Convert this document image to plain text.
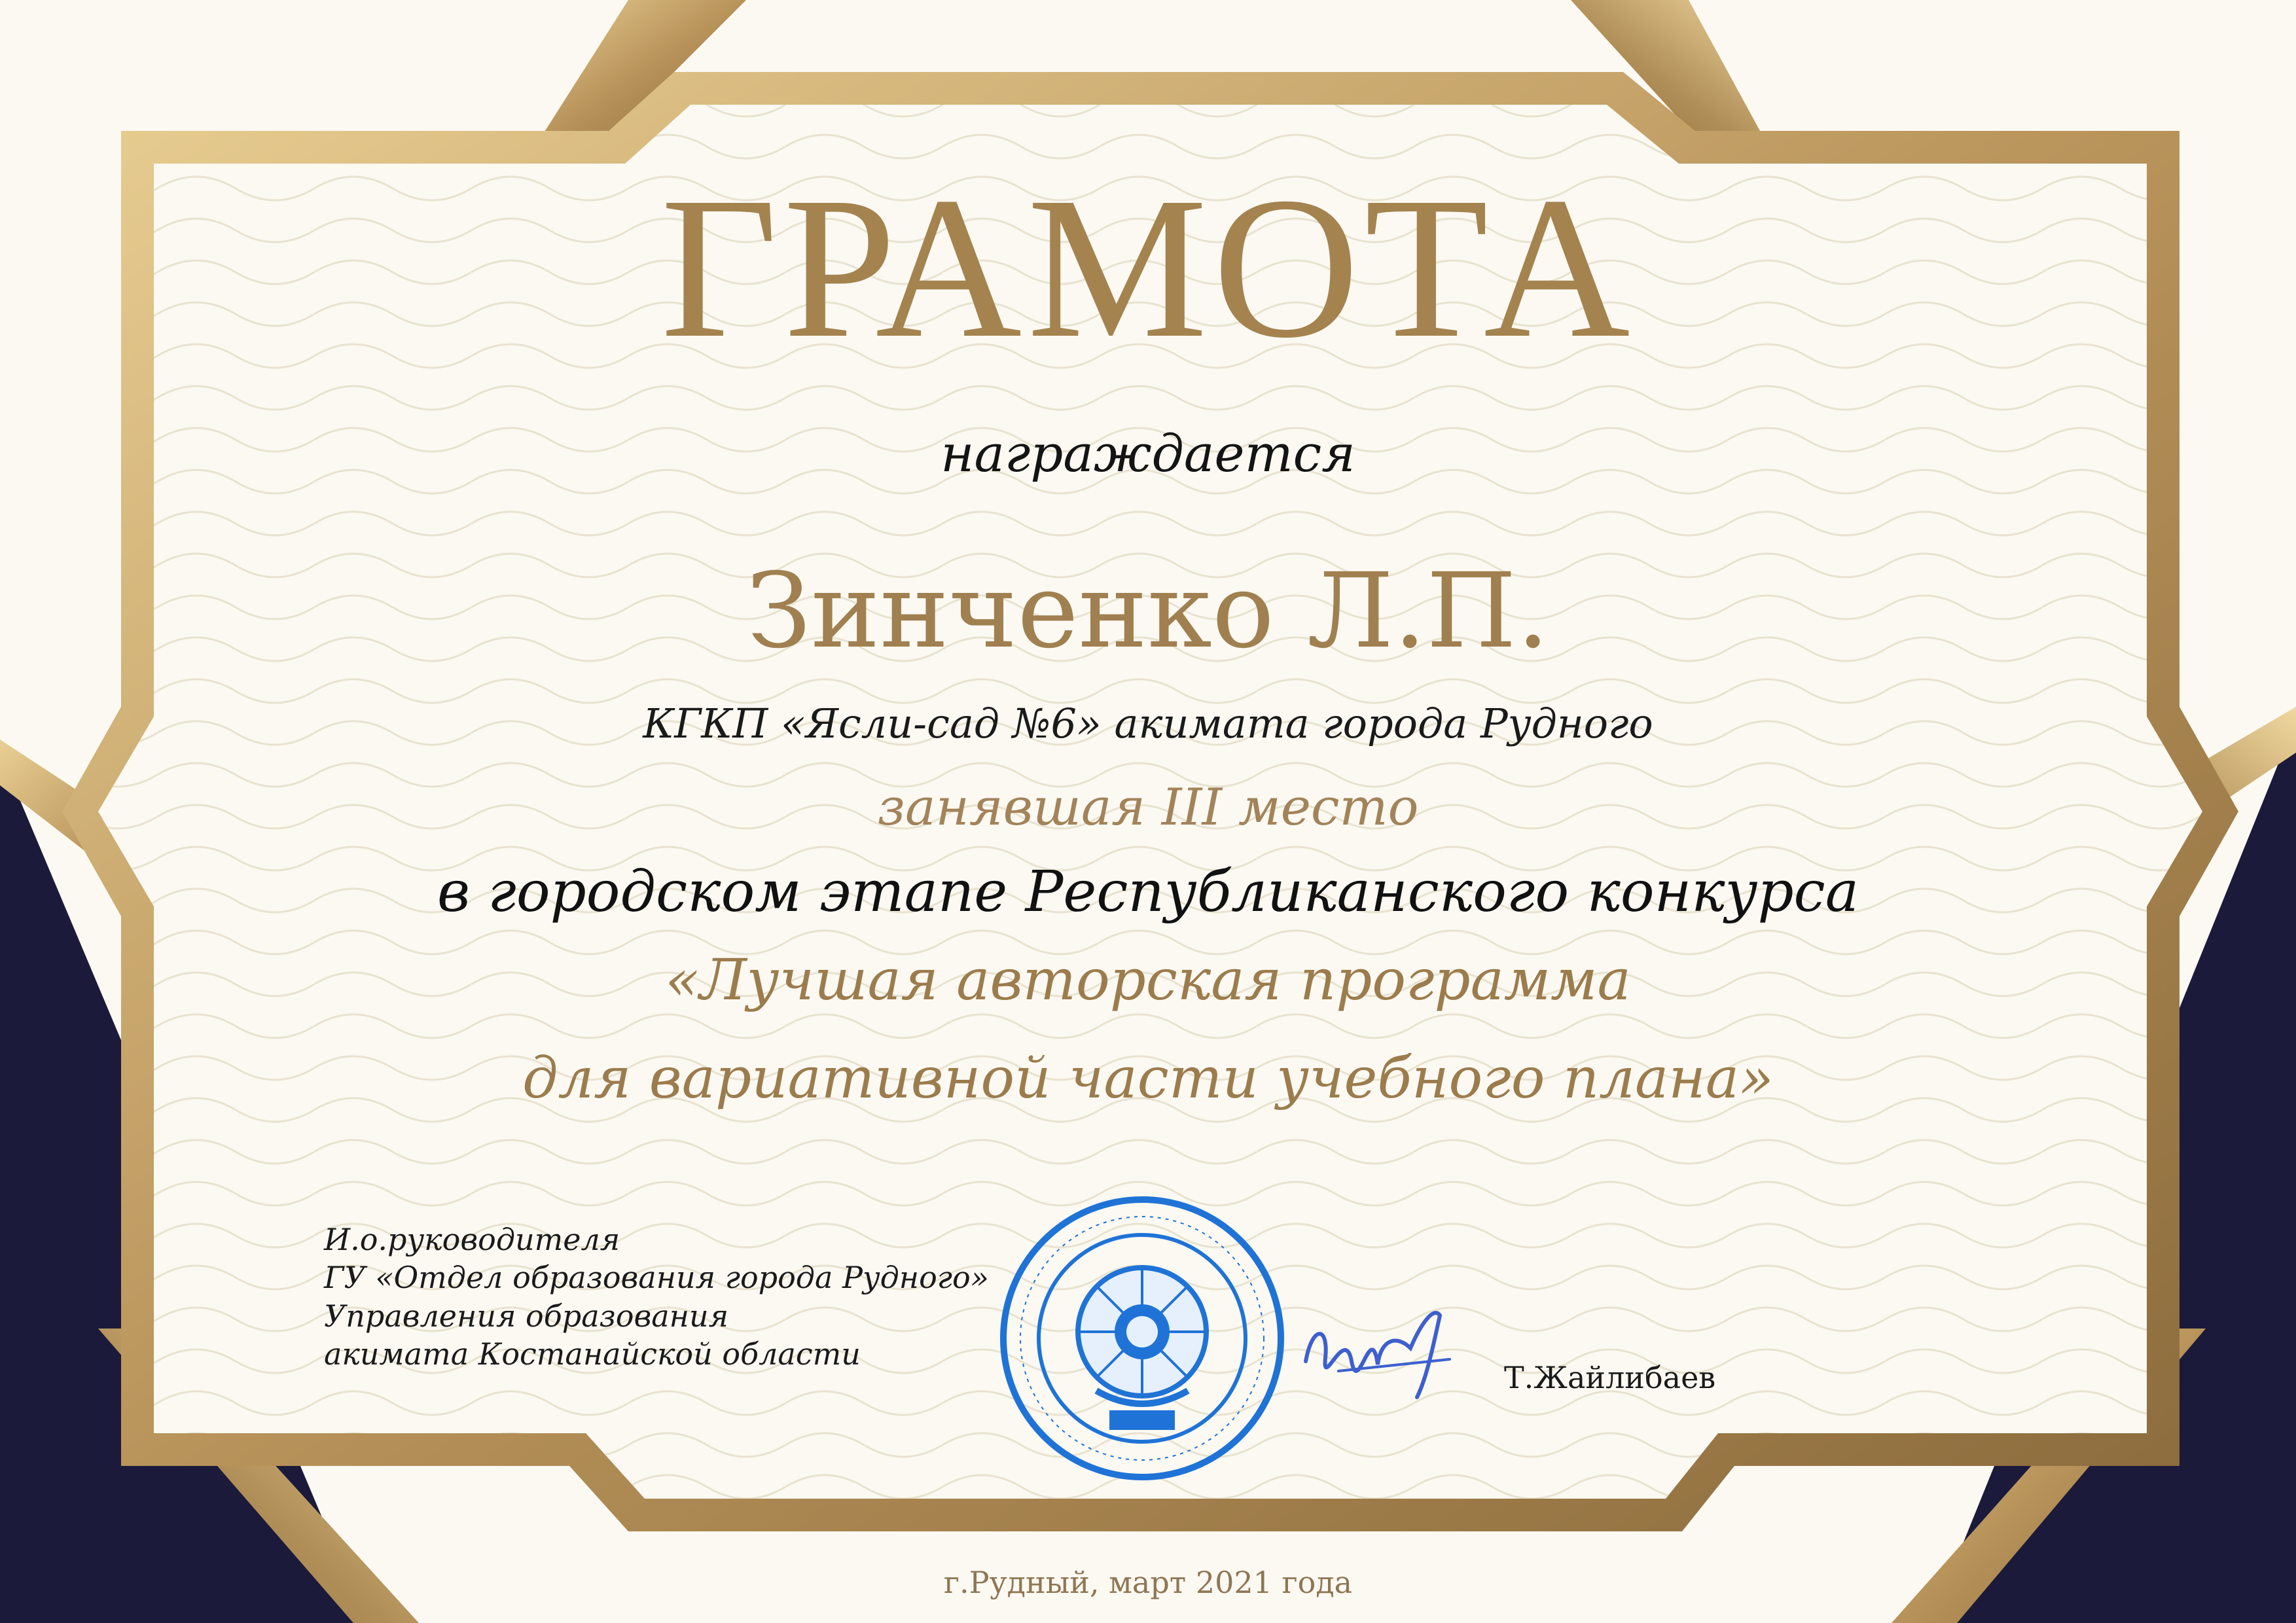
ГРАМОТА
награждается
Зинченко Л.П.
КГКП «Ясли-сад №6» акимата города Рудного
занявшая III место
в городском этапе Республиканского конкурса
«Лучшая авторская программа
для вариативной части учебного плана»
И.о.руководителя
ГУ «Отдел образования города Рудного»
Управления образования
акимата Костанайской области
Т.Жайлибаев
г.Рудный, март 2021 года
